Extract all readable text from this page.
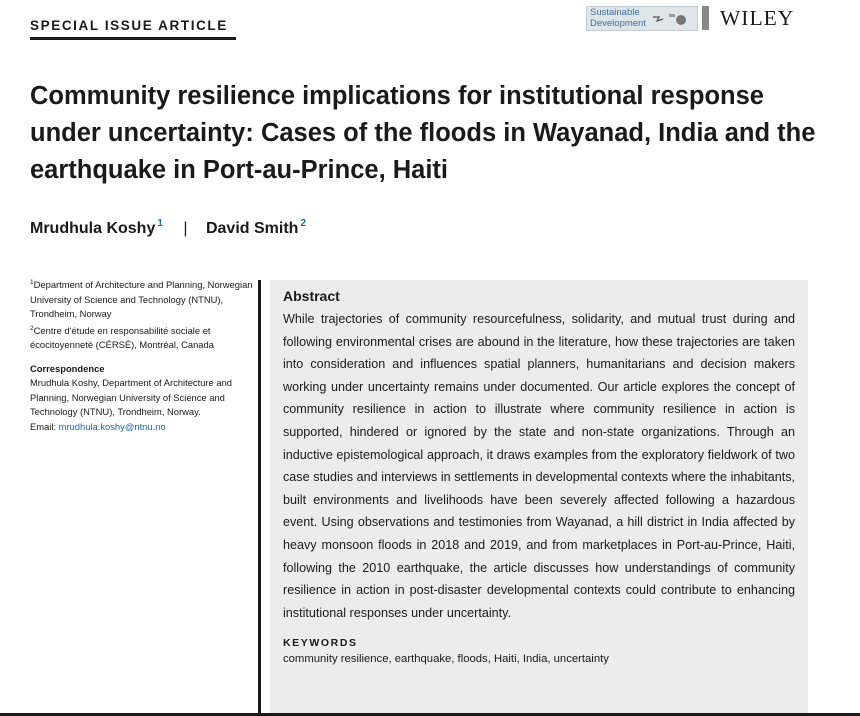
SPECIAL ISSUE ARTICLE
Sustainable Development	WILEY
Community resilience implications for institutional response under uncertainty: Cases of the floods in Wayanad, India and the earthquake in Port-au-Prince, Haiti
Mrudhula Koshy $^1$ | David Smith $^2$

$^1$Department of Architecture and Planning, Norwegian University of Science and Technology (NTNU), Trondheim, Norway

$^2$Centre d'étude en responsabilité sociale et écocitoyenneté (CÉRSÉ), Montréal, Canada

Correspondence

Mrudhula Koshy, Department of Architecture and Planning, Norwegian University of Science and Technology (NTNU), Trondheim, Norway.
Email: mrudhula.koshy@ntnu.no

Abstract

While trajectories of community resourcefulness, solidarity, and mutual trust during and following environmental crises are abound in the literature, how these trajectories are taken into consideration and influences spatial planners, humanitarians and decision makers working under uncertainty remains under documented. Our article explores the concept of community resilience in action to illustrate where community resilience in action is supported, hindered or ignored by the state and non-state organizations. Through an inductive epistemological approach, it draws examples from the exploratory fieldwork of two case studies and interviews in settlements in developmental contexts where the inhabitants, built environments and livelihoods have been severely affected following a hazardous event. Using observations and testimonies from Wayanad, a hill district in India affected by heavy monsoon floods in 2018 and 2019, and from marketplaces in Port-au-Prince, Haiti, following the 2010 earthquake, the article discusses how understandings of community resilience in action in post-disaster developmental contexts could contribute to enhancing institutional responses under uncertainty.

KEYWORDS

community resilience, earthquake, floods, Haiti, India, uncertainty
